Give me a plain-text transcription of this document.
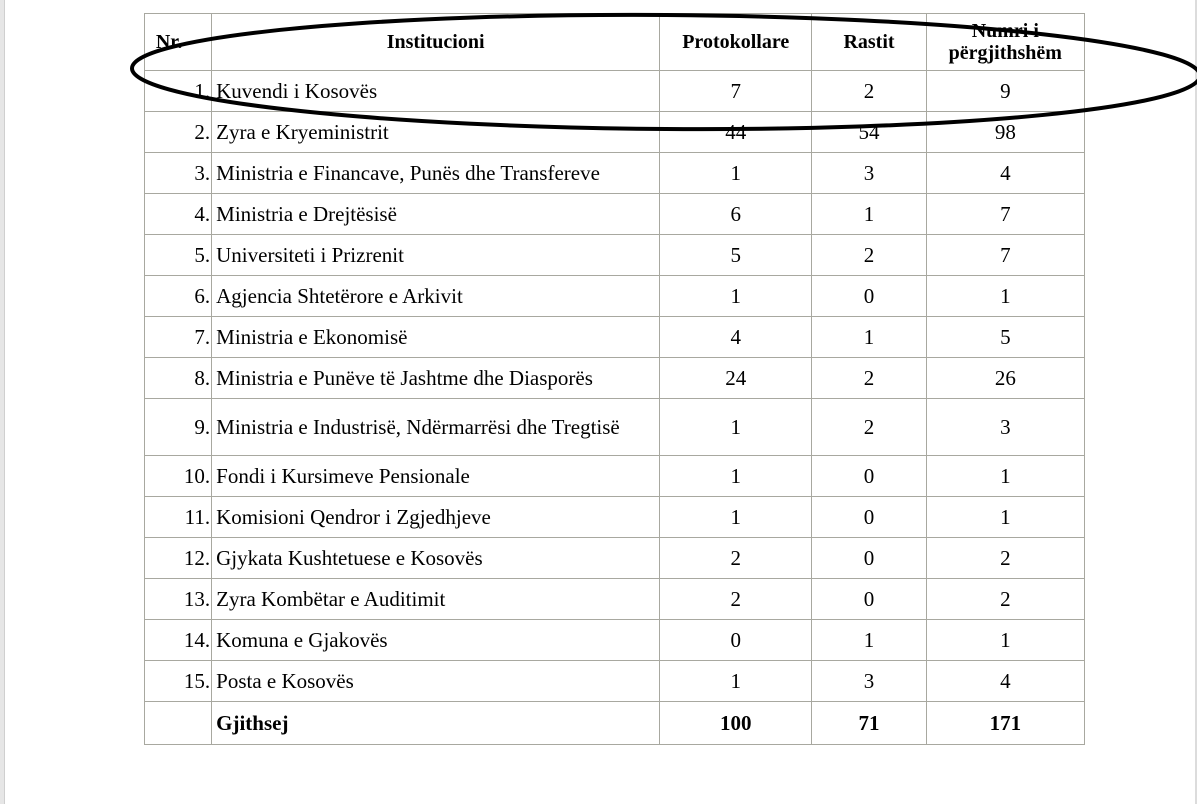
Nr.	Institucioni	Protokollare	Rastit	Numri i
përgjithshëm

1.	Kuvendi i Kosovës	7	2	9
2.	Zyra e Kryeministrit	44	54	98
3.	Ministria e Financave, Punës dhe Transfereve	1	3	4
4.	Ministria e Drejtësisë	6	1	7
5.	Universiteti i Prizrenit	5	2	7
6.	Agjencia Shtetërore e Arkivit	1	0	1
7.	Ministria e Ekonomisë	4	1	5
8.	Ministria e Punëve të Jashtme dhe Diasporës	24	2	26
9.	Ministria e Industrisë, Ndërmarrësi dhe Tregtisë	1	2	3
10.	Fondi i Kursimeve Pensionale	1	0	1
11.	Komisioni Qendror i Zgjedhjeve	1	0	1
12.	Gjykata Kushtetuese e Kosovës	2	0	2
13.	Zyra Kombëtar e Auditimit	2	0	2
14.	Komuna e Gjakovës	0	1	1
15.	Posta e Kosovës	1	3	4
	Gjithsej	100	71	171
